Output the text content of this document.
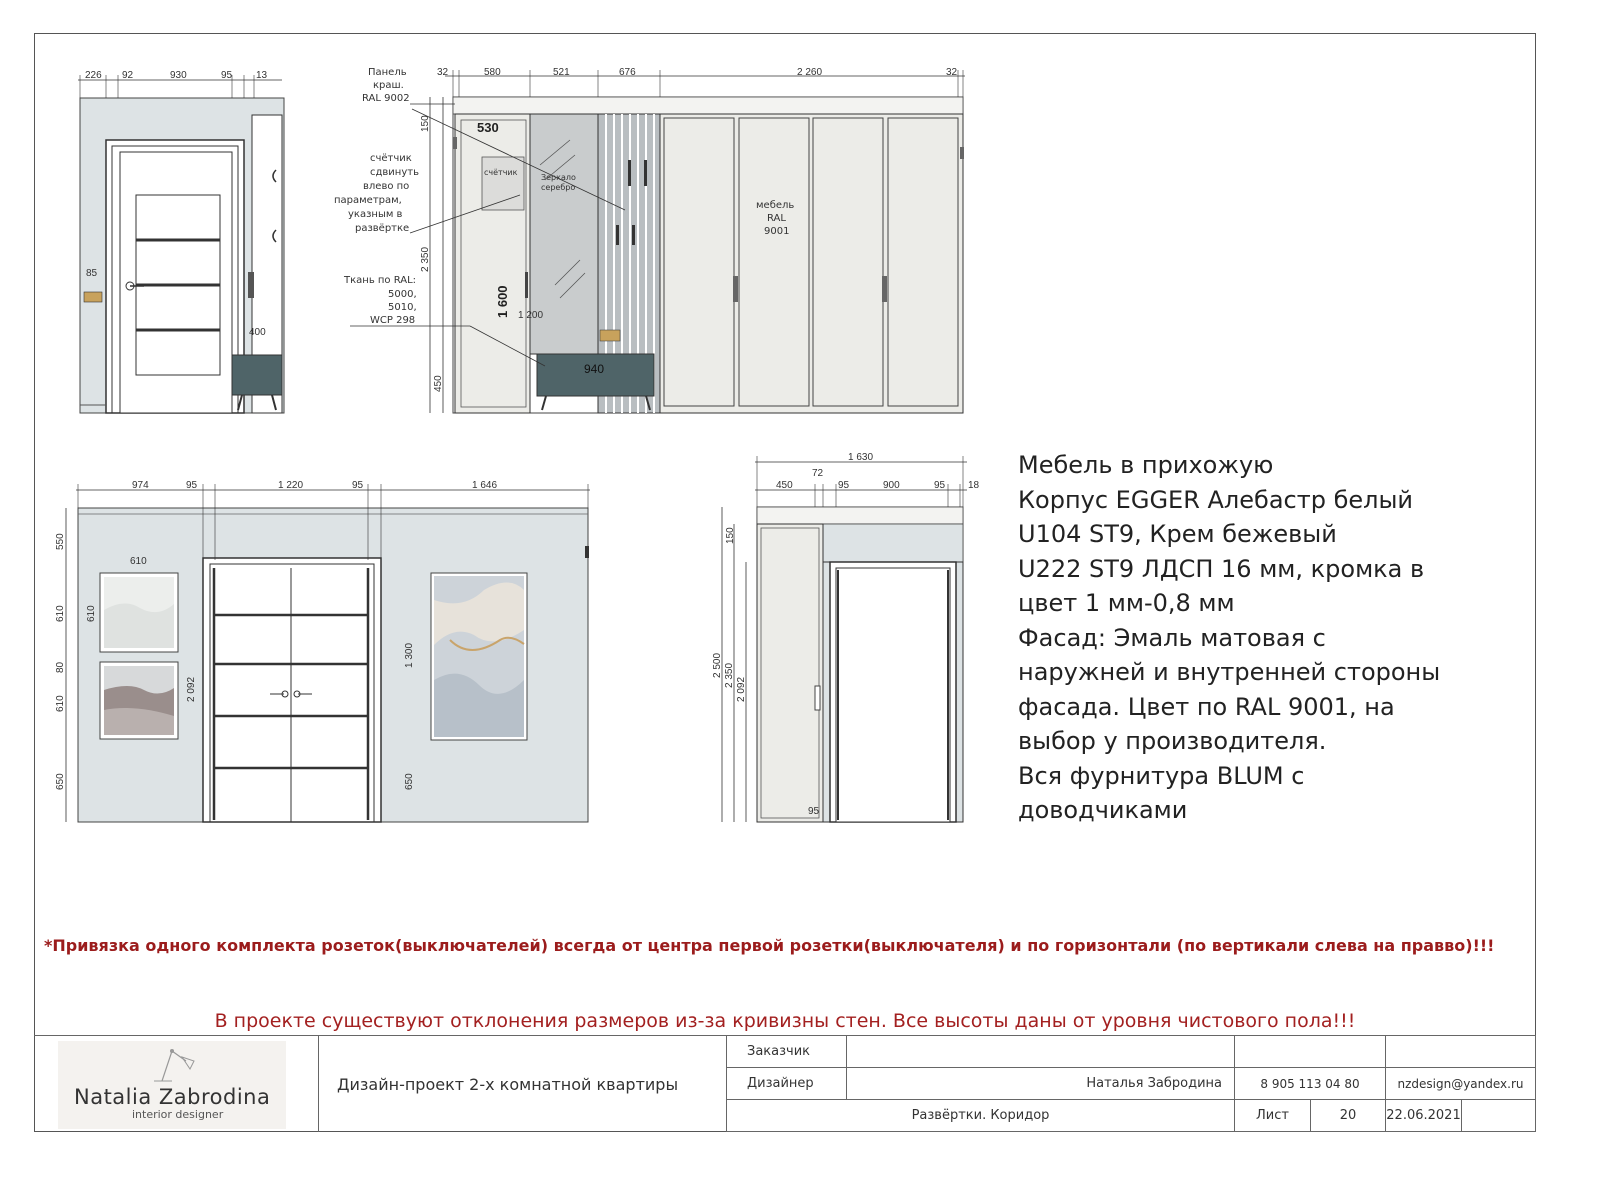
226 92	930	95 13
85
400
32	580	521	676	2 260	32
150
2 350
450
530
1 600 1 200
940
Панель
краш.
RAL 9002
счётчик
сдвинуть
влево по
параметрам,
указным в
развёртке
Ткань по RAL:
5000,
5010,
WCP 298
счётчик
Зеркало
серебро
мебель
RAL
9001
974	95	1 220	95	1 646
550
610
80
610
650
610
610
2 092
1 300
650
1 630
450
72
95	900	95 18
150
2 500 2 350
2 092
95
Мебель в прихожую
Корпус EGGER Алебастр белый
U104 ST9, Крем бежевый
U222 ST9 ЛДСП 16 мм, кромка в
цвет 1 мм-0,8 мм
Фасад: Эмаль матовая с
наружней и внутренней стороны
фасада. Цвет по RAL 9001, на
выбор у производителя.
Вся фурнитура BLUM с
доводчиками
*Привязка одного комплекта розеток(выключателей) всегда от центра первой розетки(выключателя) и по горизонтали (по вертикали слева на правво)!!!
В проекте существуют отклонения размеров из-за кривизны стен. Все высоты даны от уровня чистового пола!!!
Natalia Zabrodina
interior designer
Дизайн-проект 2-х комнатной квартиры
Заказчик
Дизайнер	Наталья Забродина	8 905 113 04 80	nzdesign@yandex.ru
Развёртки. Коридор	Лист	20	22.06.2021
